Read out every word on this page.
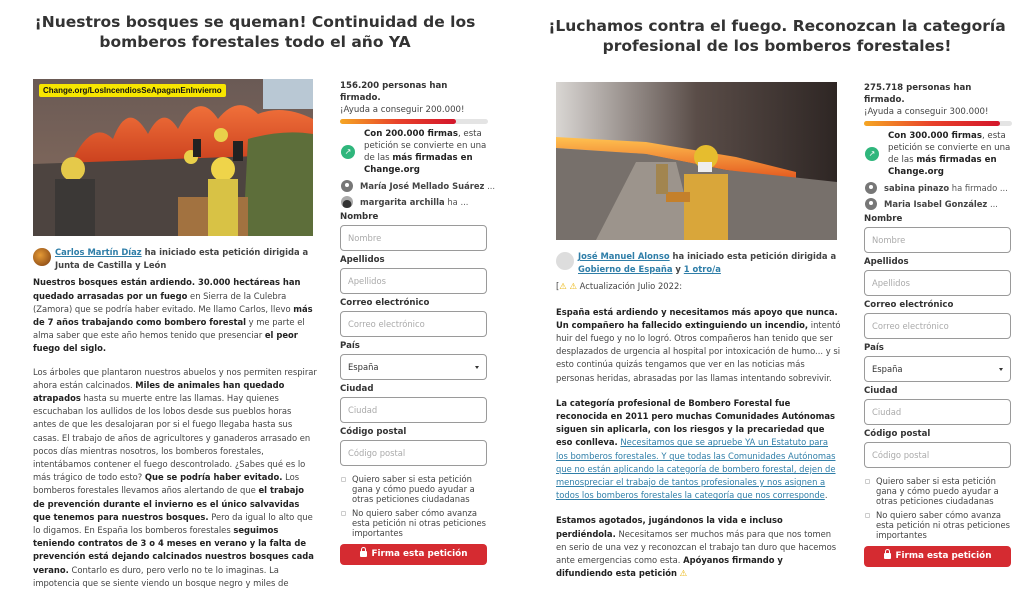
¡Nuestros bosques se queman! Continuidad de los bomberos forestales todo el año YA
Change.org/LosIncendiosSeApaganEnInvierno
Carlos Martín Díaz ha iniciado esta petición dirigida a Junta de Castilla y León
Nuestros bosques están ardiendo. 30.000 hectáreas han quedado arrasadas por un fuego en Sierra de la Culebra (Zamora) que se podría haber evitado. Me llamo Carlos, llevo más de 7 años trabajando como bombero forestal y me parte el alma saber que este año hemos tenido que presenciar el peor fuego del siglo.
Los árboles que plantaron nuestros abuelos y nos permiten respirar ahora están calcinados. Miles de animales han quedado atrapados hasta su muerte entre las llamas. Hay quienes escuchaban los aullidos de los lobos desde sus pueblos horas antes de que les desalojaran por si el fuego llegaba hasta sus casas. El trabajo de años de agricultores y ganaderos arrasado en pocos días mientras nosotros, los bomberos forestales, intentábamos contener el fuego descontrolado. ¿Sabes qué es lo más trágico de todo esto? Que se podría haber evitado. Los bomberos forestales llevamos años alertando de que el trabajo de prevención durante el invierno es el único salvavidas que tenemos para nuestros bosques. Pero da igual lo alto que lo digamos. En España los bomberos forestales seguimos teniendo contratos de 3 o 4 meses en verano y la falta de prevención está dejando calcinados nuestros bosques cada verano. Contarlo es duro, pero verlo no te lo imaginas. La impotencia que se siente viendo un bosque negro y miles de
156.200 personas han firmado.
¡Ayuda a conseguir 200.000!
↗
Con 200.000 firmas, esta petición se convierte en una de las más firmadas en Change.org
María José Mellado Suárez ...
margarita archilla ha ...
Nombre
Nombre
Apellidos
Apellidos
Correo electrónico
Correo electrónico
País
España
Ciudad
Ciudad
Código postal
Código postal
Quiero saber si esta petición gana y cómo puedo ayudar a otras peticiones ciudadanas
No quiero saber cómo avanza esta petición ni otras peticiones importantes
Firma esta petición
¡Luchamos contra el fuego. Reconozcan la categoría profesional de los bomberos forestales!
José Manuel Alonso ha iniciado esta petición dirigida a Gobierno de España y 1 otro/a
[⚠ ⚠ Actualización Julio 2022:
España está ardiendo y necesitamos más apoyo que nunca. Un compañero ha fallecido extinguiendo un incendio, intentó huir del fuego y no lo logró. Otros compañeros han tenido que ser desplazados de urgencia al hospital por intoxicación de humo... y si esto continúa quizás tengamos que ver en las noticias más personas heridas, abrasadas por las llamas intentando sobrevivir.
La categoría profesional de Bombero Forestal fue reconocida en 2011 pero muchas Comunidades Autónomas siguen sin aplicarla, con los riesgos y la precariedad que eso conlleva. Necesitamos que se apruebe YA un Estatuto para los bomberos forestales. Y que todas las Comunidades Autónomas que no están aplicando la categoría de bombero forestal, dejen de menospreciar el trabajo de tantos profesionales y nos asignen a todos los bomberos forestales la categoría que nos corresponde.
Estamos agotados, jugándonos la vida e incluso perdiéndola. Necesitamos ser muchos más para que nos tomen en serio de una vez y reconozcan el trabajo tan duro que hacemos ante emergencias como esta. Apóyanos firmando y difundiendo esta petición ⚠
275.718 personas han firmado.
¡Ayuda a conseguir 300.000!
↗
Con 300.000 firmas, esta petición se convierte en una de las más firmadas en Change.org
sabina pinazo ha firmado ...
Maria Isabel González ...
Nombre
Nombre
Apellidos
Apellidos
Correo electrónico
Correo electrónico
País
España
Ciudad
Ciudad
Código postal
Código postal
Quiero saber si esta petición gana y cómo puedo ayudar a otras peticiones ciudadanas
No quiero saber cómo avanza esta petición ni otras peticiones importantes
Firma esta petición
